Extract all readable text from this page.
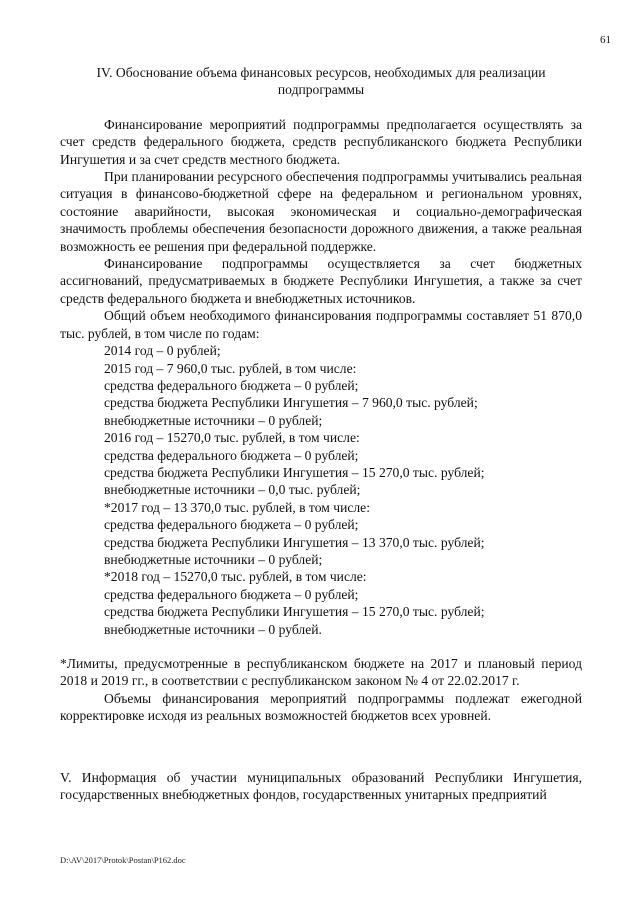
61

IV. Обоснование объема финансовых ресурсов, необходимых для реализации подпрограммы

Финансирование мероприятий подпрограммы предполагается осуществлять за счет средств федерального бюджета, средств республиканского бюджета Республики Ингушетия и за счет средств местного бюджета.

При планировании ресурсного обеспечения подпрограммы учитывались реальная ситуация в финансово-бюджетной сфере на федеральном и региональном уровнях, состояние аварийности, высокая экономическая и социально-демографическая значимость проблемы обеспечения безопасности дорожного движения, а также реальная возможность ее решения при федеральной поддержке.

Финансирование подпрограммы осуществляется за счет бюджетных ассигнований, предусматриваемых в бюджете Республики Ингушетия, а также за счет средств федерального бюджета и внебюджетных источников.

Общий объем необходимого финансирования подпрограммы составляет 51 870,0 тыс. рублей, в том числе по годам:

2014 год – 0 рублей;

2015 год – 7 960,0 тыс. рублей, в том числе:

средства федерального бюджета – 0 рублей;

средства бюджета Республики Ингушетия – 7 960,0 тыс. рублей;

внебюджетные источники – 0 рублей;

2016 год – 15270,0 тыс. рублей, в том числе:

средства федерального бюджета – 0 рублей;

средства бюджета Республики Ингушетия – 15 270,0 тыс. рублей;

внебюджетные источники – 0,0 тыс. рублей;

*2017 год – 13 370,0 тыс. рублей, в том числе:

средства федерального бюджета – 0 рублей;

средства бюджета Республики Ингушетия – 13 370,0 тыс. рублей;

внебюджетные источники – 0 рублей;

*2018 год – 15270,0 тыс. рублей, в том числе:

средства федерального бюджета – 0 рублей;

средства бюджета Республики Ингушетия – 15 270,0 тыс. рублей;

внебюджетные источники – 0 рублей.

*Лимиты, предусмотренные в республиканском бюджете на 2017 и плановый период 2018 и 2019 гг., в соответствии с республиканском законом № 4 от 22.02.2017 г.

Объемы финансирования мероприятий подпрограммы подлежат ежегодной корректировке исходя из реальных возможностей бюджетов всех уровней.

V. Информация об участии муниципальных образований Республики Ингушетия, государственных внебюджетных фондов, государственных унитарных предприятий

D:\AV\2017\Protok\Postan\P162.doc
